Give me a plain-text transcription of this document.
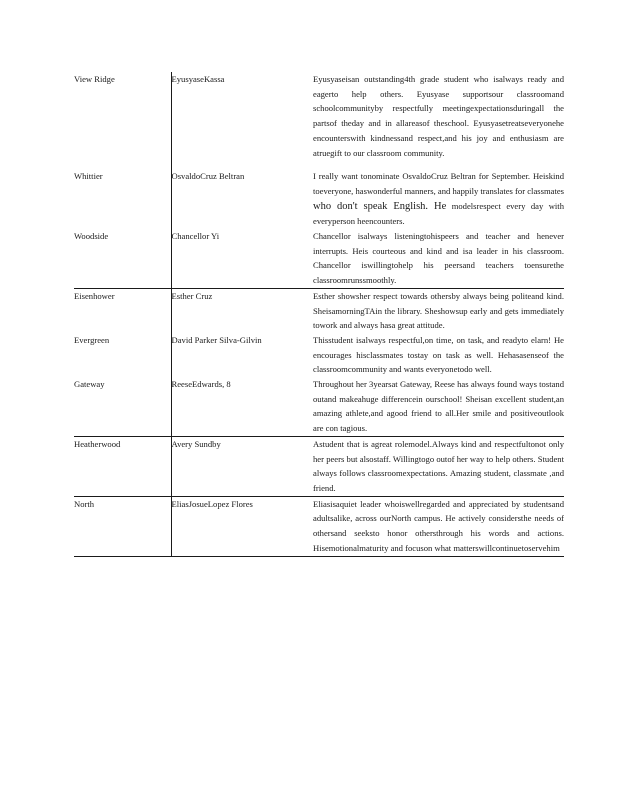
View Ridge	EyusyaseKassa	Eyusyaseisan outstanding4th grade student who isalways ready and eagerto help others. Eyusyase supportsour classroomand schoolcommunityby respectfully meetingexpectationsduringall the partsof theday and in allareasof theschool. Eyusyasetreatseveryonehe encounterswith kindnessand respect,and his joy and enthusiasm are atruegift to our classroom community.
Whittier	OsvaldoCruz Beltran	I really want tonominate OsvaldoCruz Beltran for September. Heiskind toeveryone, haswonderful manners, and happily translates for classmates who don't speak English. He modelsrespect every day with everyperson heencounters.
Woodside	Chancellor Yi	Chancellor isalways listeningtohispeers and teacher and henever interrupts. Heis courteous and kind and isa leader in his classroom. Chancellor iswillingtohelp his peersand teachers toensurethe classroomrunssmoothly.
Eisenhower	Esther Cruz	Esther showsher respect towards othersby always being politeand kind. SheisamorningTAin the library. Sheshowsup early and gets immediately towork and always hasa great attitude.
Evergreen	David Parker Silva-Gilvin	Thisstudent isalways respectful,on time, on task, and readyto elarn! He encourages hisclassmates tostay on task as well. Hehasasenseof the classroomcommunity and wants everyonetodo well.
Gateway	ReeseEdwards, 8	Throughout her 3yearsat Gateway, Reese has always found ways tostand outand makeahuge differencein ourschool! Sheisan excellent student,an amazing athlete,and agood friend to all.Her smile and positiveoutlook are con tagious.
Heatherwood	Avery Sundby	Astudent that is agreat rolemodel.Always kind and respectfultonot only her peers but alsostaff. Willingtogo outof her way to help others. Student always follows classroomexpectations. Amazing student, classmate ,and friend.
North	EliasJosueLopez Flores	Eliasisaquiet leader whoiswellregarded and appreciated by studentsand adultsalike, across ourNorth campus. He actively considersthe needs of othersand seeksto honor othersthrough his words and actions. Hisemotionalmaturity and focuson what matterswillcontinuetoservehim
